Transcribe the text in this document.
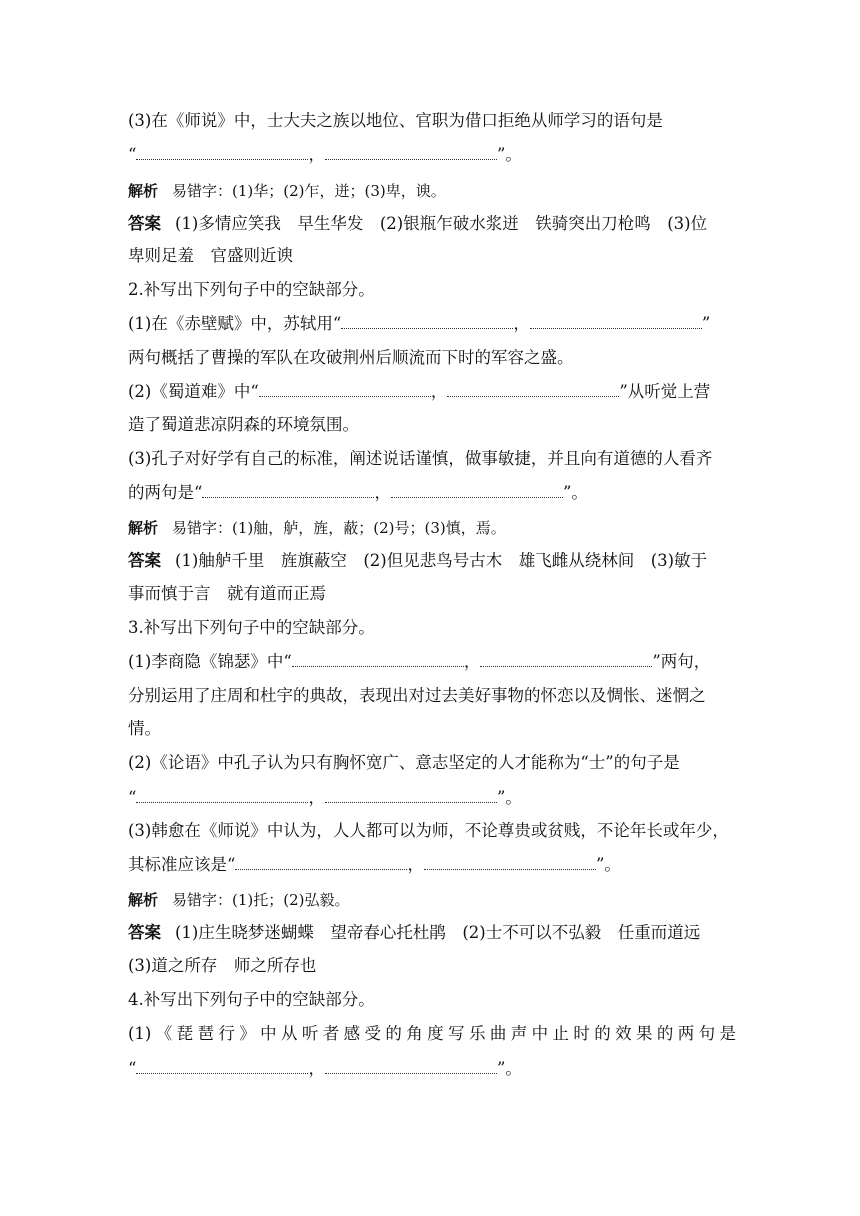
(3)在《师说》中，士大夫之族以地位、官职为借口拒绝从师学习的语句是
“	，	”。
解析 易错字：(1)华；(2)乍，迸；(3)卑，谀。
答案 (1)多情应笑我　早生华发　(2)银瓶乍破水浆迸　铁骑突出刀枪鸣　(3)位
卑则足羞　官盛则近谀
2.补写出下列句子中的空缺部分。
(1)在《赤壁赋》中，苏轼用“	，	”
两句概括了曹操的军队在攻破荆州后顺流而下时的军容之盛。
(2)《蜀道难》中“	，	”从听觉上营
造了蜀道悲凉阴森的环境氛围。
(3)孔子对好学有自己的标准，阐述说话谨慎，做事敏捷，并且向有道德的人看齐
的两句是“	，	”。
解析 易错字：(1)舳，舻，旌，蔽；(2)号；(3)慎，焉。
答案 (1)舳舻千里　旌旗蔽空　(2)但见悲鸟号古木　雄飞雌从绕林间　(3)敏于
事而慎于言　就有道而正焉
3.补写出下列句子中的空缺部分。
(1)李商隐《锦瑟》中“	，	”两句，
分别运用了庄周和杜宇的典故，表现出对过去美好事物的怀恋以及惆怅、迷惘之
情。
(2)《论语》中孔子认为只有胸怀宽广、意志坚定的人才能称为“士”的句子是
“	，	”。
(3)韩愈在《师说》中认为，人人都可以为师，不论尊贵或贫贱，不论年长或年少，
其标准应该是“	，	”。
解析 易错字：(1)托；(2)弘毅。
答案 (1)庄生晓梦迷蝴蝶　望帝春心托杜鹃　(2)士不可以不弘毅　任重而道远
(3)道之所存　师之所存也
4.补写出下列句子中的空缺部分。
(1)《琵琶行》中从听者感受的角度写乐曲声中止时的效果的两句是
“	，	”。
